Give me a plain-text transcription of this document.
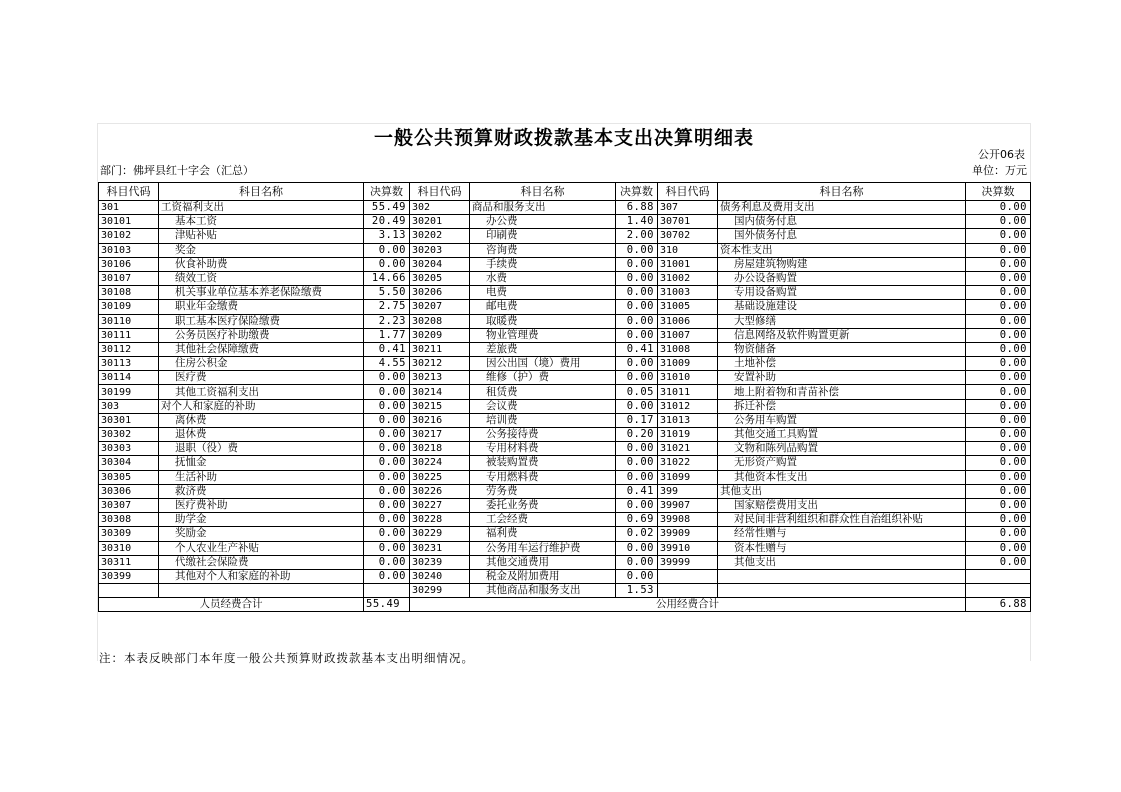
一般公共预算财政拨款基本支出决算明细表
公开06表
部门：佛坪县红十字会（汇总）	单位：万元
科目代码	科目名称	决算数	科目代码	科目名称	决算数	科目代码	科目名称	决算数
301	工资福利支出	55.49	302	商品和服务支出	6.88	307	债务利息及费用支出	0.00
30101	基本工资	20.49	30201	办公费	1.40	30701	国内债务付息	0.00
30102	津贴补贴	3.13	30202	印刷费	2.00	30702	国外债务付息	0.00
30103	奖金	0.00	30203	咨询费	0.00	310	资本性支出	0.00
30106	伙食补助费	0.00	30204	手续费	0.00	31001	房屋建筑物购建	0.00
30107	绩效工资	14.66	30205	水费	0.00	31002	办公设备购置	0.00
30108	机关事业单位基本养老保险缴费	5.50	30206	电费	0.00	31003	专用设备购置	0.00
30109	职业年金缴费	2.75	30207	邮电费	0.00	31005	基础设施建设	0.00
30110	职工基本医疗保险缴费	2.23	30208	取暖费	0.00	31006	大型修缮	0.00
30111	公务员医疗补助缴费	1.77	30209	物业管理费	0.00	31007	信息网络及软件购置更新	0.00
30112	其他社会保障缴费	0.41	30211	差旅费	0.41	31008	物资储备	0.00
30113	住房公积金	4.55	30212	因公出国（境）费用	0.00	31009	土地补偿	0.00
30114	医疗费	0.00	30213	维修（护）费	0.00	31010	安置补助	0.00
30199	其他工资福利支出	0.00	30214	租赁费	0.05	31011	地上附着物和青苗补偿	0.00
303	对个人和家庭的补助	0.00	30215	会议费	0.00	31012	拆迁补偿	0.00
30301	离休费	0.00	30216	培训费	0.17	31013	公务用车购置	0.00
30302	退休费	0.00	30217	公务接待费	0.20	31019	其他交通工具购置	0.00
30303	退职（役）费	0.00	30218	专用材料费	0.00	31021	文物和陈列品购置	0.00
30304	抚恤金	0.00	30224	被装购置费	0.00	31022	无形资产购置	0.00
30305	生活补助	0.00	30225	专用燃料费	0.00	31099	其他资本性支出	0.00
30306	救济费	0.00	30226	劳务费	0.41	399	其他支出	0.00
30307	医疗费补助	0.00	30227	委托业务费	0.00	39907	国家赔偿费用支出	0.00
30308	助学金	0.00	30228	工会经费	0.69	39908	对民间非营利组织和群众性自治组织补贴	0.00
30309	奖励金	0.00	30229	福利费	0.02	39909	经常性赠与	0.00
30310	个人农业生产补贴	0.00	30231	公务用车运行维护费	0.00	39910	资本性赠与	0.00
30311	代缴社会保险费	0.00	30239	其他交通费用	0.00	39999	其他支出	0.00
30399	其他对个人和家庭的补助	0.00	30240	税金及附加费用	0.00			
			30299	其他商品和服务支出	1.53			
人员经费合计		55.49	公用经费合计					6.88
注：本表反映部门本年度一般公共预算财政拨款基本支出明细情况。
